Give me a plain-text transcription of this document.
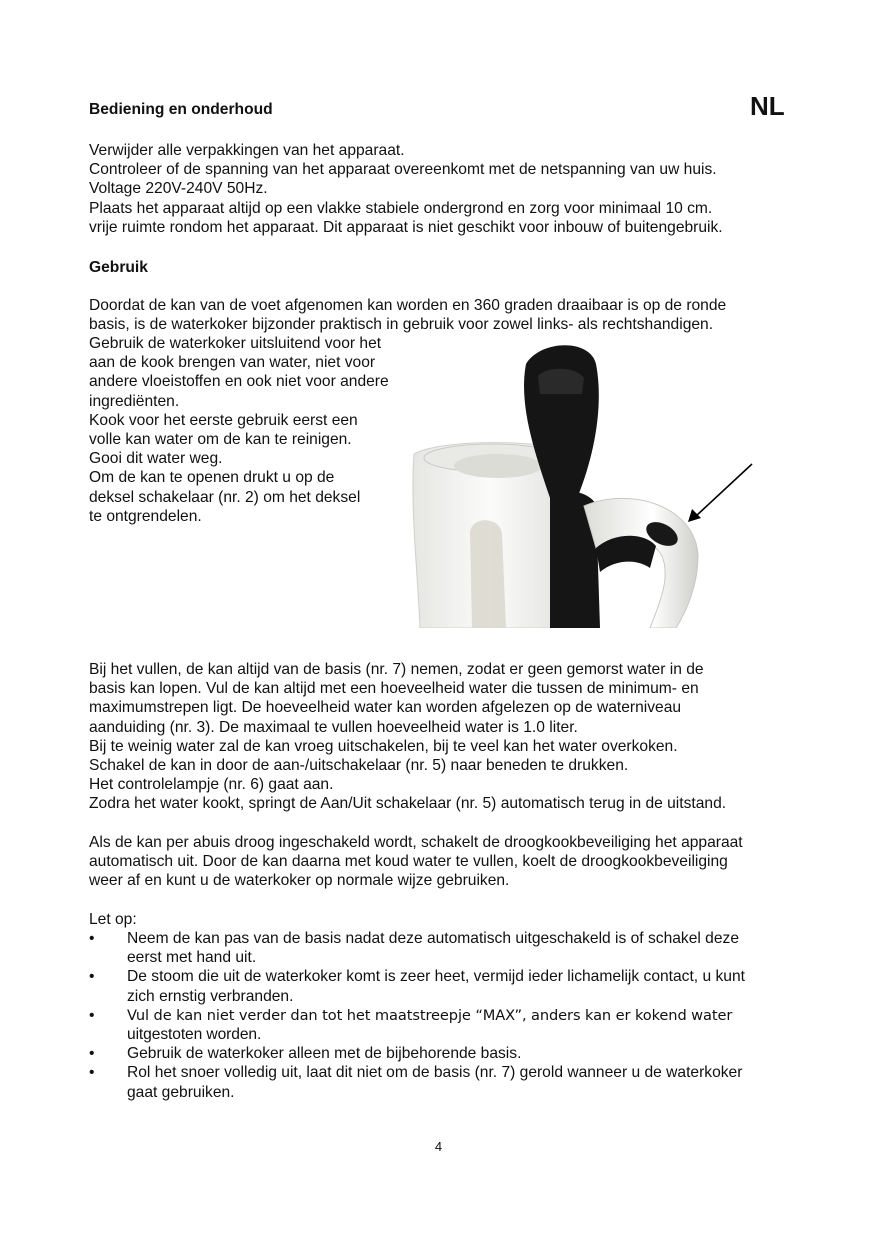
Bediening en onderhoud	NL
Verwijder alle verpakkingen van het apparaat.
Controleer of de spanning van het apparaat overeenkomt met de netspanning van uw huis.
Voltage 220V-240V 50Hz.
Plaats het apparaat altijd op een vlakke stabiele ondergrond en zorg voor minimaal 10 cm.
vrije ruimte rondom het apparaat. Dit apparaat is niet geschikt voor inbouw of buitengebruik.
Gebruik
Doordat de kan van de voet afgenomen kan worden en 360 graden draaibaar is op de ronde
basis, is de waterkoker bijzonder praktisch in gebruik voor zowel links- als rechtshandigen.
Gebruik de waterkoker uitsluitend voor het
aan de kook brengen van water, niet voor
andere vloeistoffen en ook niet voor andere
ingrediënten.
Kook voor het eerste gebruik eerst een
volle kan water om de kan te reinigen.
Gooi dit water weg.
Om de kan te openen drukt u op de
deksel schakelaar (nr. 2) om het deksel
te ontgrendelen.
Bij het vullen, de kan altijd van de basis (nr. 7) nemen, zodat er geen gemorst water in de
basis kan lopen. Vul de kan altijd met een hoeveelheid water die tussen de minimum- en
maximumstrepen ligt. De hoeveelheid water kan worden afgelezen op de waterniveau
aanduiding (nr. 3). De maximaal te vullen hoeveelheid water is 1.0 liter.
Bij te weinig water zal de kan vroeg uitschakelen, bij te veel kan het water overkoken.
Schakel de kan in door de aan-/uitschakelaar (nr. 5) naar beneden te drukken.
Het controlelampje (nr. 6) gaat aan.
Zodra het water kookt, springt de Aan/Uit schakelaar (nr. 5) automatisch terug in de uitstand.
Als de kan per abuis droog ingeschakeld wordt, schakelt de droogkookbeveiliging het apparaat
automatisch uit. Door de kan daarna met koud water te vullen, koelt de droogkookbeveiliging
weer af en kunt u de waterkoker op normale wijze gebruiken.
Let op:
•	Neem de kan pas van de basis nadat deze automatisch uitgeschakeld is of schakel deze
eerst met hand uit.
•	De stoom die uit de waterkoker komt is zeer heet, vermijd ieder lichamelijk contact, u kunt
zich ernstig verbranden.
•	Vul de kan niet verder dan tot het maatstreepje “MAX”, anders kan er kokend water
uitgestoten worden.
•	Gebruik de waterkoker alleen met de bijbehorende basis.
•	Rol het snoer volledig uit, laat dit niet om de basis (nr. 7) gerold wanneer u de waterkoker
gaat gebruiken.
4
